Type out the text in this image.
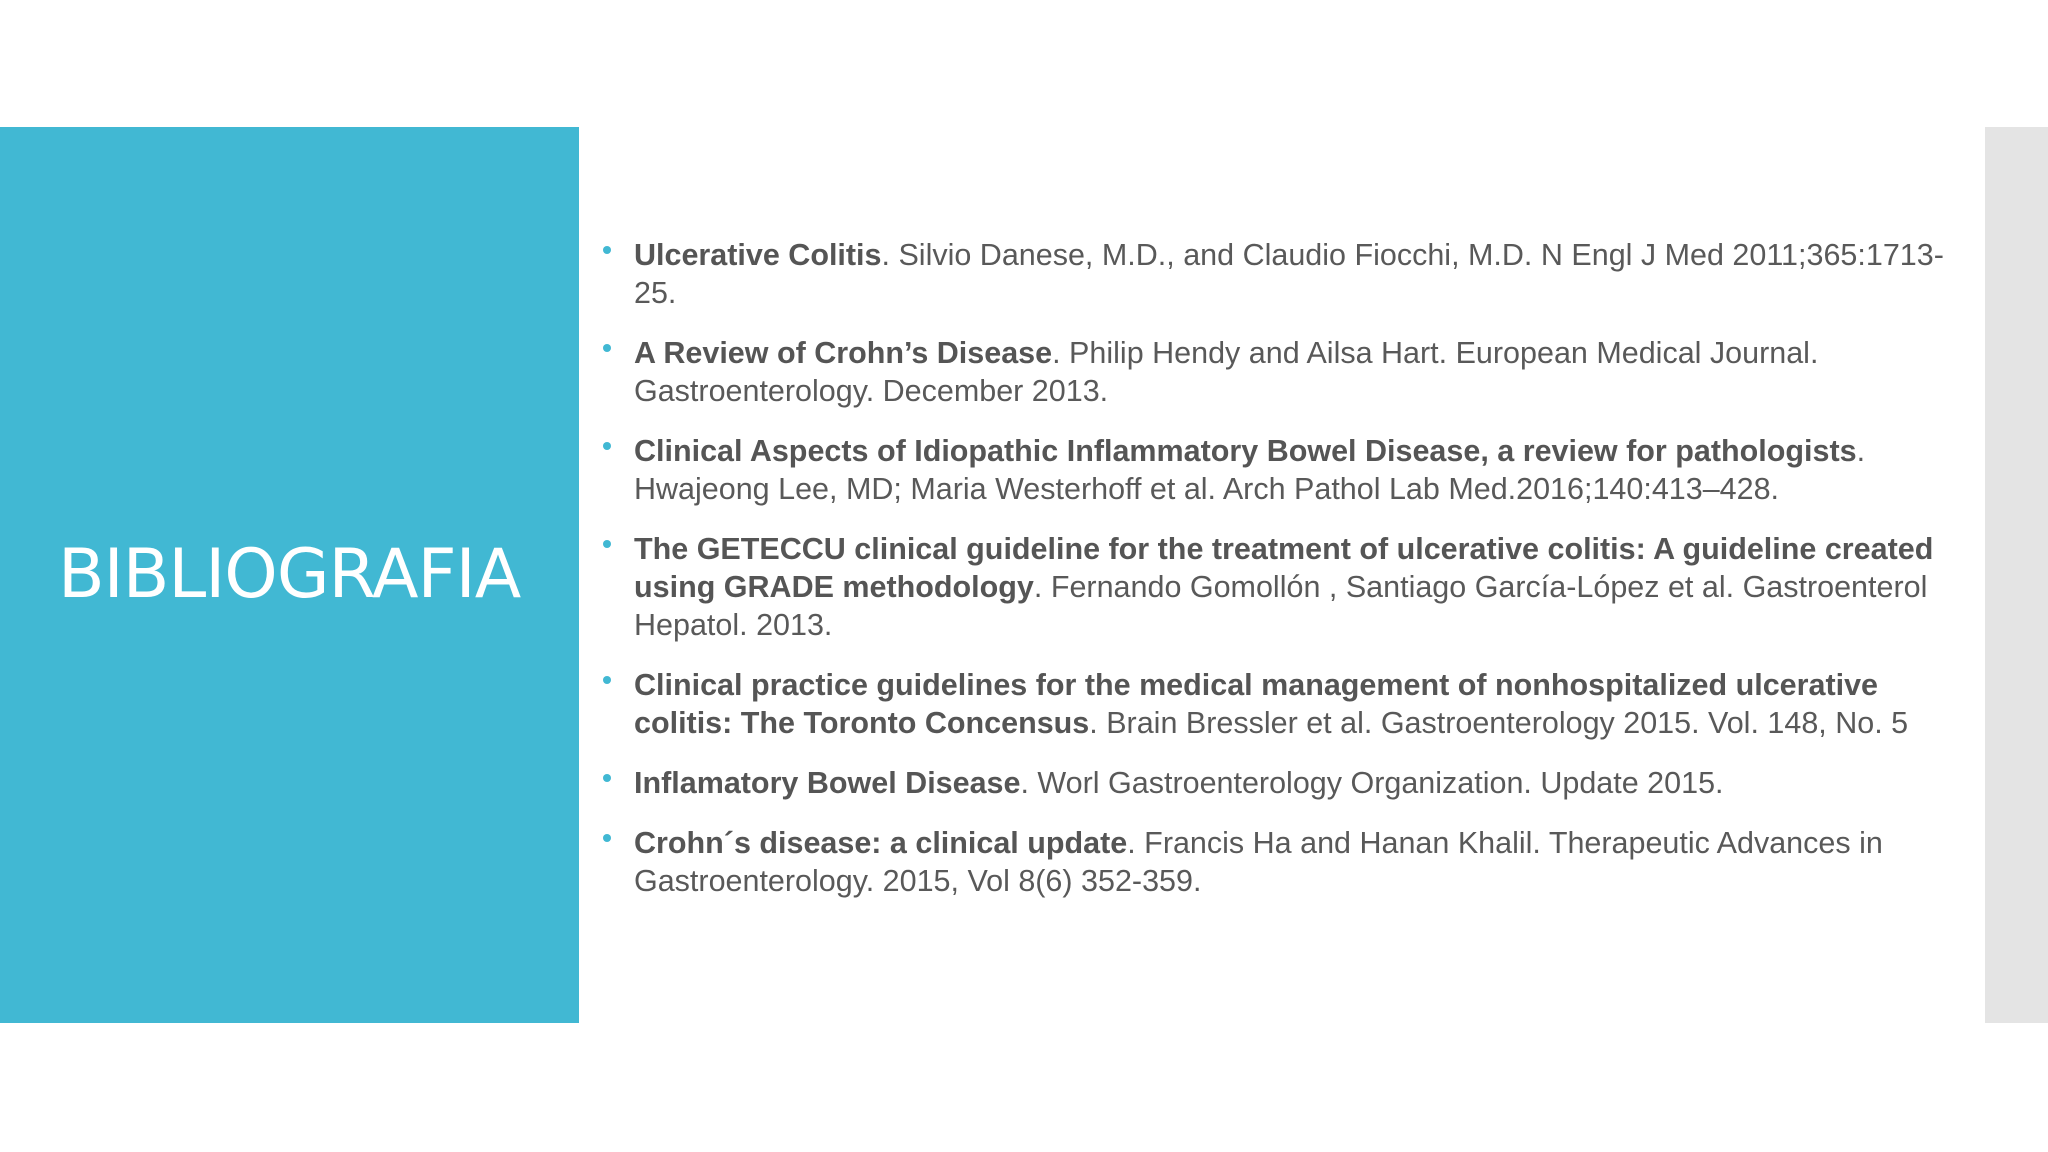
BIBLIOGRAFIA
Ulcerative Colitis. Silvio Danese, M.D., and Claudio Fiocchi, M.D. N Engl J Med 2011;365:1713-25.
A Review of Crohn’s Disease. Philip Hendy and Ailsa Hart. European Medical Journal. Gastroenterology. December 2013.
Clinical Aspects of Idiopathic Inflammatory Bowel Disease, a review for pathologists. Hwajeong Lee, MD; Maria Westerhoff et al. Arch Pathol Lab Med.2016;140:413–428.
The GETECCU clinical guideline for the treatment of ulcerative colitis: A guideline created using GRADE methodology. Fernando Gomollón , Santiago García-López et al. Gastroenterol Hepatol. 2013.
Clinical practice guidelines for the medical management of nonhospitalized ulcerative colitis: The Toronto Concensus. Brain Bressler et al. Gastroenterology 2015. Vol. 148, No. 5
Inflamatory Bowel Disease. Worl Gastroenterology Organization. Update 2015.
Crohn´s disease: a clinical update. Francis Ha and Hanan Khalil. Therapeutic Advances in Gastroenterology. 2015, Vol 8(6) 352-359.
